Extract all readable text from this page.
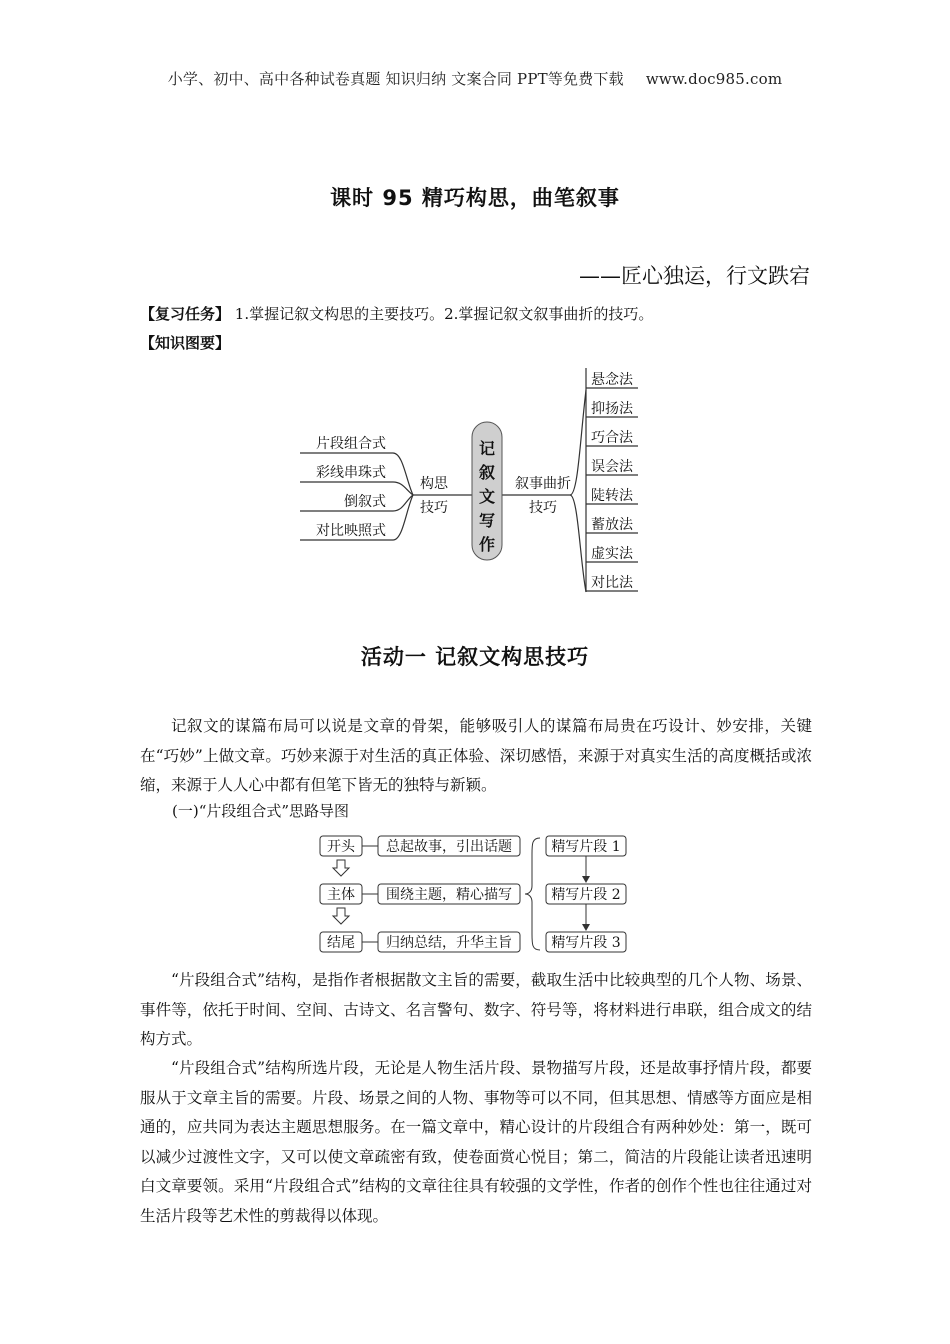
小学、初中、高中各种试卷真题 知识归纳 文案合同 PPT等免费下载 www.doc985.com
课时 95 精巧构思，曲笔叙事
——匠心独运，行文跌宕
【复习任务】 1.掌握记叙文构思的主要技巧。2.掌握记叙文叙事曲折的技巧。
【知识图要】
记
叙
文
写
作
片段组合式
彩线串珠式
倒叙式
对比映照式
构思
技巧
叙事曲折
技巧
悬念法
抑扬法
巧合法
误会法
陡转法
蓄放法
虚实法
对比法
活动一 记叙文构思技巧

记叙文的谋篇布局可以说是文章的骨架，能够吸引人的谋篇布局贵在巧设计、妙安排，关键在“巧妙”上做文章。巧妙来源于对生活的真正体验、深切感悟，来源于对真实生活的高度概括或浓缩，来源于人人心中都有但笔下皆无的独特与新颖。

(一)“片段组合式”思路导图
开头
主体
结尾
总起故事，引出话题
围绕主题，精心描写
归纳总结，升华主旨
精写片段 1
精写片段 2
精写片段 3

“片段组合式”结构，是指作者根据散文主旨的需要，截取生活中比较典型的几个人物、场景、事件等，依托于时间、空间、古诗文、名言警句、数字、符号等，将材料进行串联，组合成文的结构方式。

“片段组合式”结构所选片段，无论是人物生活片段、景物描写片段，还是故事抒情片段，都要服从于文章主旨的需要。片段、场景之间的人物、事物等可以不同，但其思想、情感等方面应是相通的，应共同为表达主题思想服务。在一篇文章中，精心设计的片段组合有两种妙处：第一，既可以减少过渡性文字，又可以使文章疏密有致，使卷面赏心悦目；第二，简洁的片段能让读者迅速明白文章要领。采用“片段组合式”结构的文章往往具有较强的文学性，作者的创作个性也往往通过对生活片段等艺术性的剪裁得以体现。
